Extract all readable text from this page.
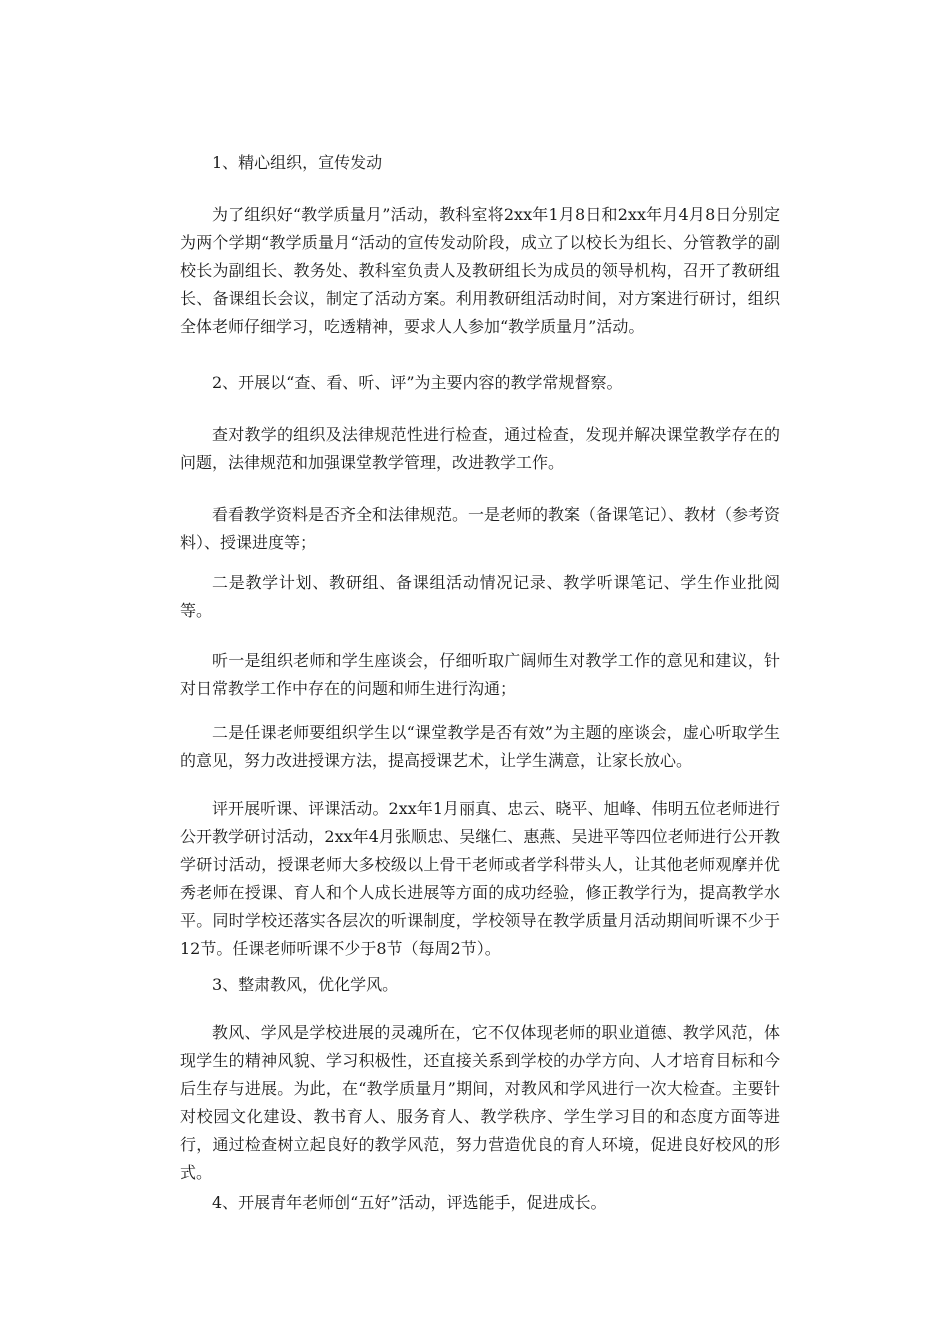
1、精心组织，宣传发动

为了组织好“教学质量月”活动，教科室将2xx年1月8日和2xx年月4月8日分别定为两个学期“教学质量月“活动的宣传发动阶段，成立了以校长为组长、分管教学的副校长为副组长、教务处、教科室负责人及教研组长为成员的领导机构，召开了教研组长、备课组长会议，制定了活动方案。利用教研组活动时间，对方案进行研讨，组织全体老师仔细学习，吃透精神，要求人人参加“教学质量月”活动。

2、开展以“查、看、听、评”为主要内容的教学常规督察。

查对教学的组织及法律规范性进行检查，通过检查，发现并解决课堂教学存在的问题，法律规范和加强课堂教学管理，改进教学工作。

看看教学资料是否齐全和法律规范。一是老师的教案（备课笔记）、教材（参考资料）、授课进度等；

二是教学计划、教研组、备课组活动情况记录、教学听课笔记、学生作业批阅等。

听一是组织老师和学生座谈会，仔细听取广阔师生对教学工作的意见和建议，针对日常教学工作中存在的问题和师生进行沟通；

二是任课老师要组织学生以“课堂教学是否有效”为主题的座谈会，虚心听取学生的意见，努力改进授课方法，提高授课艺术，让学生满意，让家长放心。

评开展听课、评课活动。2xx年1月丽真、忠云、晓平、旭峰、伟明五位老师进行公开教学研讨活动，2xx年4月张顺忠、吴继仁、惠燕、吴进平等四位老师进行公开教学研讨活动，授课老师大多校级以上骨干老师或者学科带头人，让其他老师观摩并优秀老师在授课、育人和个人成长进展等方面的成功经验，修正教学行为，提高教学水平。同时学校还落实各层次的听课制度，学校领导在教学质量月活动期间听课不少于12节。任课老师听课不少于8节（每周2节）。

3、整肃教风，优化学风。

教风、学风是学校进展的灵魂所在，它不仅体现老师的职业道德、教学风范，体现学生的精神风貌、学习积极性，还直接关系到学校的办学方向、人才培育目标和今后生存与进展。为此，在“教学质量月”期间，对教风和学风进行一次大检查。主要针对校园文化建设、教书育人、服务育人、教学秩序、学生学习目的和态度方面等进行，通过检查树立起良好的教学风范，努力营造优良的育人环境，促进良好校风的形式。

4、开展青年老师创“五好”活动，评选能手，促进成长。
